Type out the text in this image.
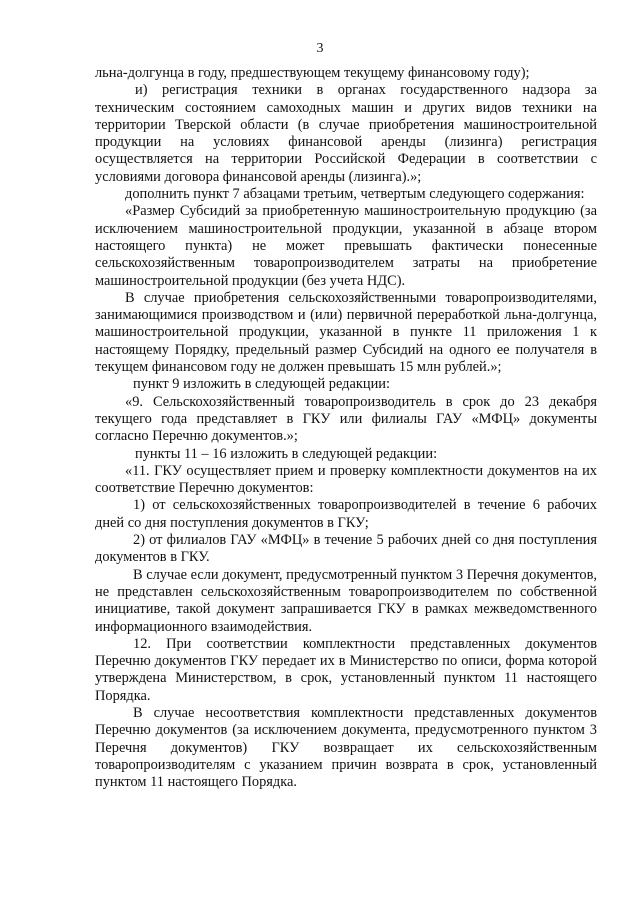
3

льна-долгунца в году, предшествующем текущему финансовому году);

и) регистрация техники в органах государственного надзора за техническим состоянием самоходных машин и других видов техники на территории Тверской области (в случае приобретения машиностроительной продукции на условиях финансовой аренды (лизинга) регистрация осуществляется на территории Российской Федерации в соответствии с условиями договора финансовой аренды (лизинга).»;

дополнить пункт 7 абзацами третьим, четвертым следующего содержания:

«Размер Субсидий за приобретенную машиностроительную продукцию (за исключением машиностроительной продукции, указанной в абзаце втором настоящего пункта) не может превышать фактически понесенные сельскохозяйственным товаропроизводителем затраты на приобретение машиностроительной продукции (без учета НДС).

В случае приобретения сельскохозяйственными товаропроизводителями, занимающимися производством и (или) первичной переработкой льна-долгунца, машиностроительной продукции, указанной в пункте 11 приложения 1 к настоящему Порядку, предельный размер Субсидий на одного ее получателя в текущем финансовом году не должен превышать 15 млн рублей.»;

пункт 9 изложить в следующей редакции:

«9. Сельскохозяйственный товаропроизводитель в срок до 23 декабря текущего года представляет в ГКУ или филиалы ГАУ «МФЦ» документы согласно Перечню документов.»;

пункты 11 – 16 изложить в следующей редакции:

«11. ГКУ осуществляет прием и проверку комплектности документов на их соответствие Перечню документов:

1) от сельскохозяйственных товаропроизводителей в течение 6 рабочих дней со дня поступления документов в ГКУ;

2) от филиалов ГАУ «МФЦ» в течение 5 рабочих дней со дня поступления документов в ГКУ.

В случае если документ, предусмотренный пунктом 3 Перечня документов, не представлен сельскохозяйственным товаропроизводителем по собственной инициативе, такой документ запрашивается ГКУ в рамках межведомственного информационного взаимодействия.

12. При соответствии комплектности представленных документов Перечню документов ГКУ передает их в Министерство по описи, форма которой утверждена Министерством, в срок, установленный пунктом 11 настоящего Порядка.

В случае несоответствия комплектности представленных документов Перечню документов (за исключением документа, предусмотренного пунктом 3 Перечня документов) ГКУ возвращает их сельскохозяйственным товаропроизводителям с указанием причин возврата в срок, установленный пунктом 11 настоящего Порядка.
